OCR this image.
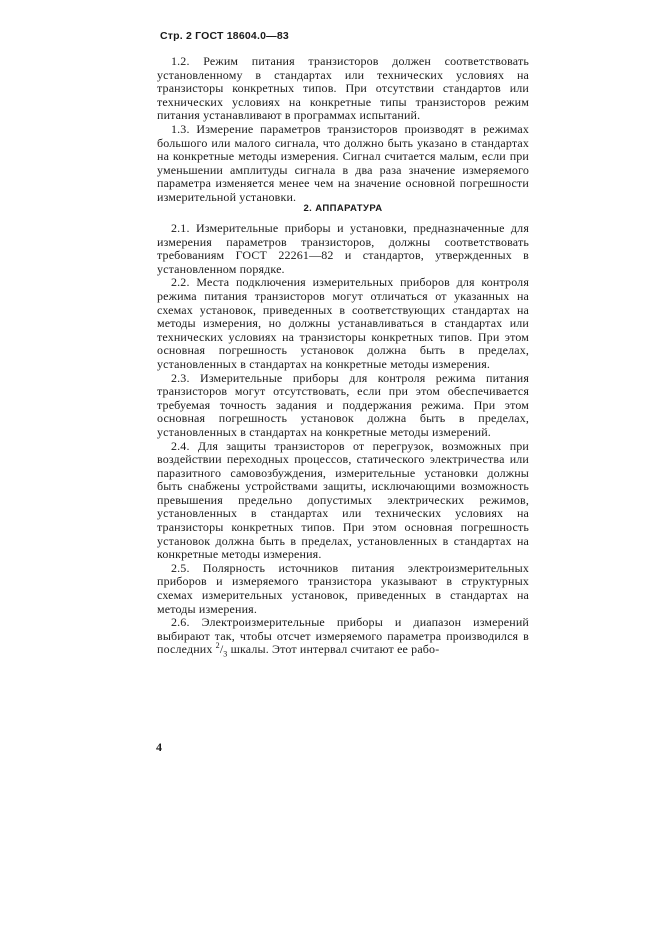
Стр. 2 ГОСТ 18604.0—83

1.2. Режим питания транзисторов должен соответствовать установленному в стандартах или технических условиях на транзисторы конкретных типов. При отсутствии стандартов или технических условиях на конкретные типы транзисторов режим питания устанавливают в программах испытаний.

1.3. Измерение параметров транзисторов производят в режимах большого или малого сигнала, что должно быть указано в стандартах на конкретные методы измерения. Сигнал считается малым, если при уменьшении амплитуды сигнала в два раза значение измеряемого параметра изменяется менее чем на значение основной погрешности измерительной установки.

2. АППАРАТУРА

2.1. Измерительные приборы и установки, предназначенные для измерения параметров транзисторов, должны соответствовать требованиям ГОСТ 22261—82 и стандартов, утвержденных в установленном порядке.

2.2. Места подключения измерительных приборов для контроля режима питания транзисторов могут отличаться от указанных на схемах установок, приведенных в соответствующих стандартах на методы измерения, но должны устанавливаться в стандартах или технических условиях на транзисторы конкретных типов. При этом основная погрешность установок должна быть в пределах, установленных в стандартах на конкретные методы измерения.

2.3. Измерительные приборы для контроля режима питания транзисторов могут отсутствовать, если при этом обеспечивается требуемая точность задания и поддержания режима. При этом основная погрешность установок должна быть в пределах, установленных в стандартах на конкретные методы измерений.

2.4. Для защиты транзисторов от перегрузок, возможных при воздействии переходных процессов, статического электричества или паразитного самовозбуждения, измерительные установки должны быть снабжены устройствами защиты, исключающими возможность превышения предельно допустимых электрических режимов, установленных в стандартах или технических условиях на транзисторы конкретных типов. При этом основная погрешность установок должна быть в пределах, установленных в стандартах на конкретные методы измерения.

2.5. Полярность источников питания электроизмерительных приборов и измеряемого транзистора указывают в структурных схемах измерительных установок, приведенных в стандартах на методы измерения.

2.6. Электроизмерительные приборы и диапазон измерений выбирают так, чтобы отсчет измеряемого параметра производился в последних $^2/_3$ шкалы. Этот интервал считают ее рабо-

4
